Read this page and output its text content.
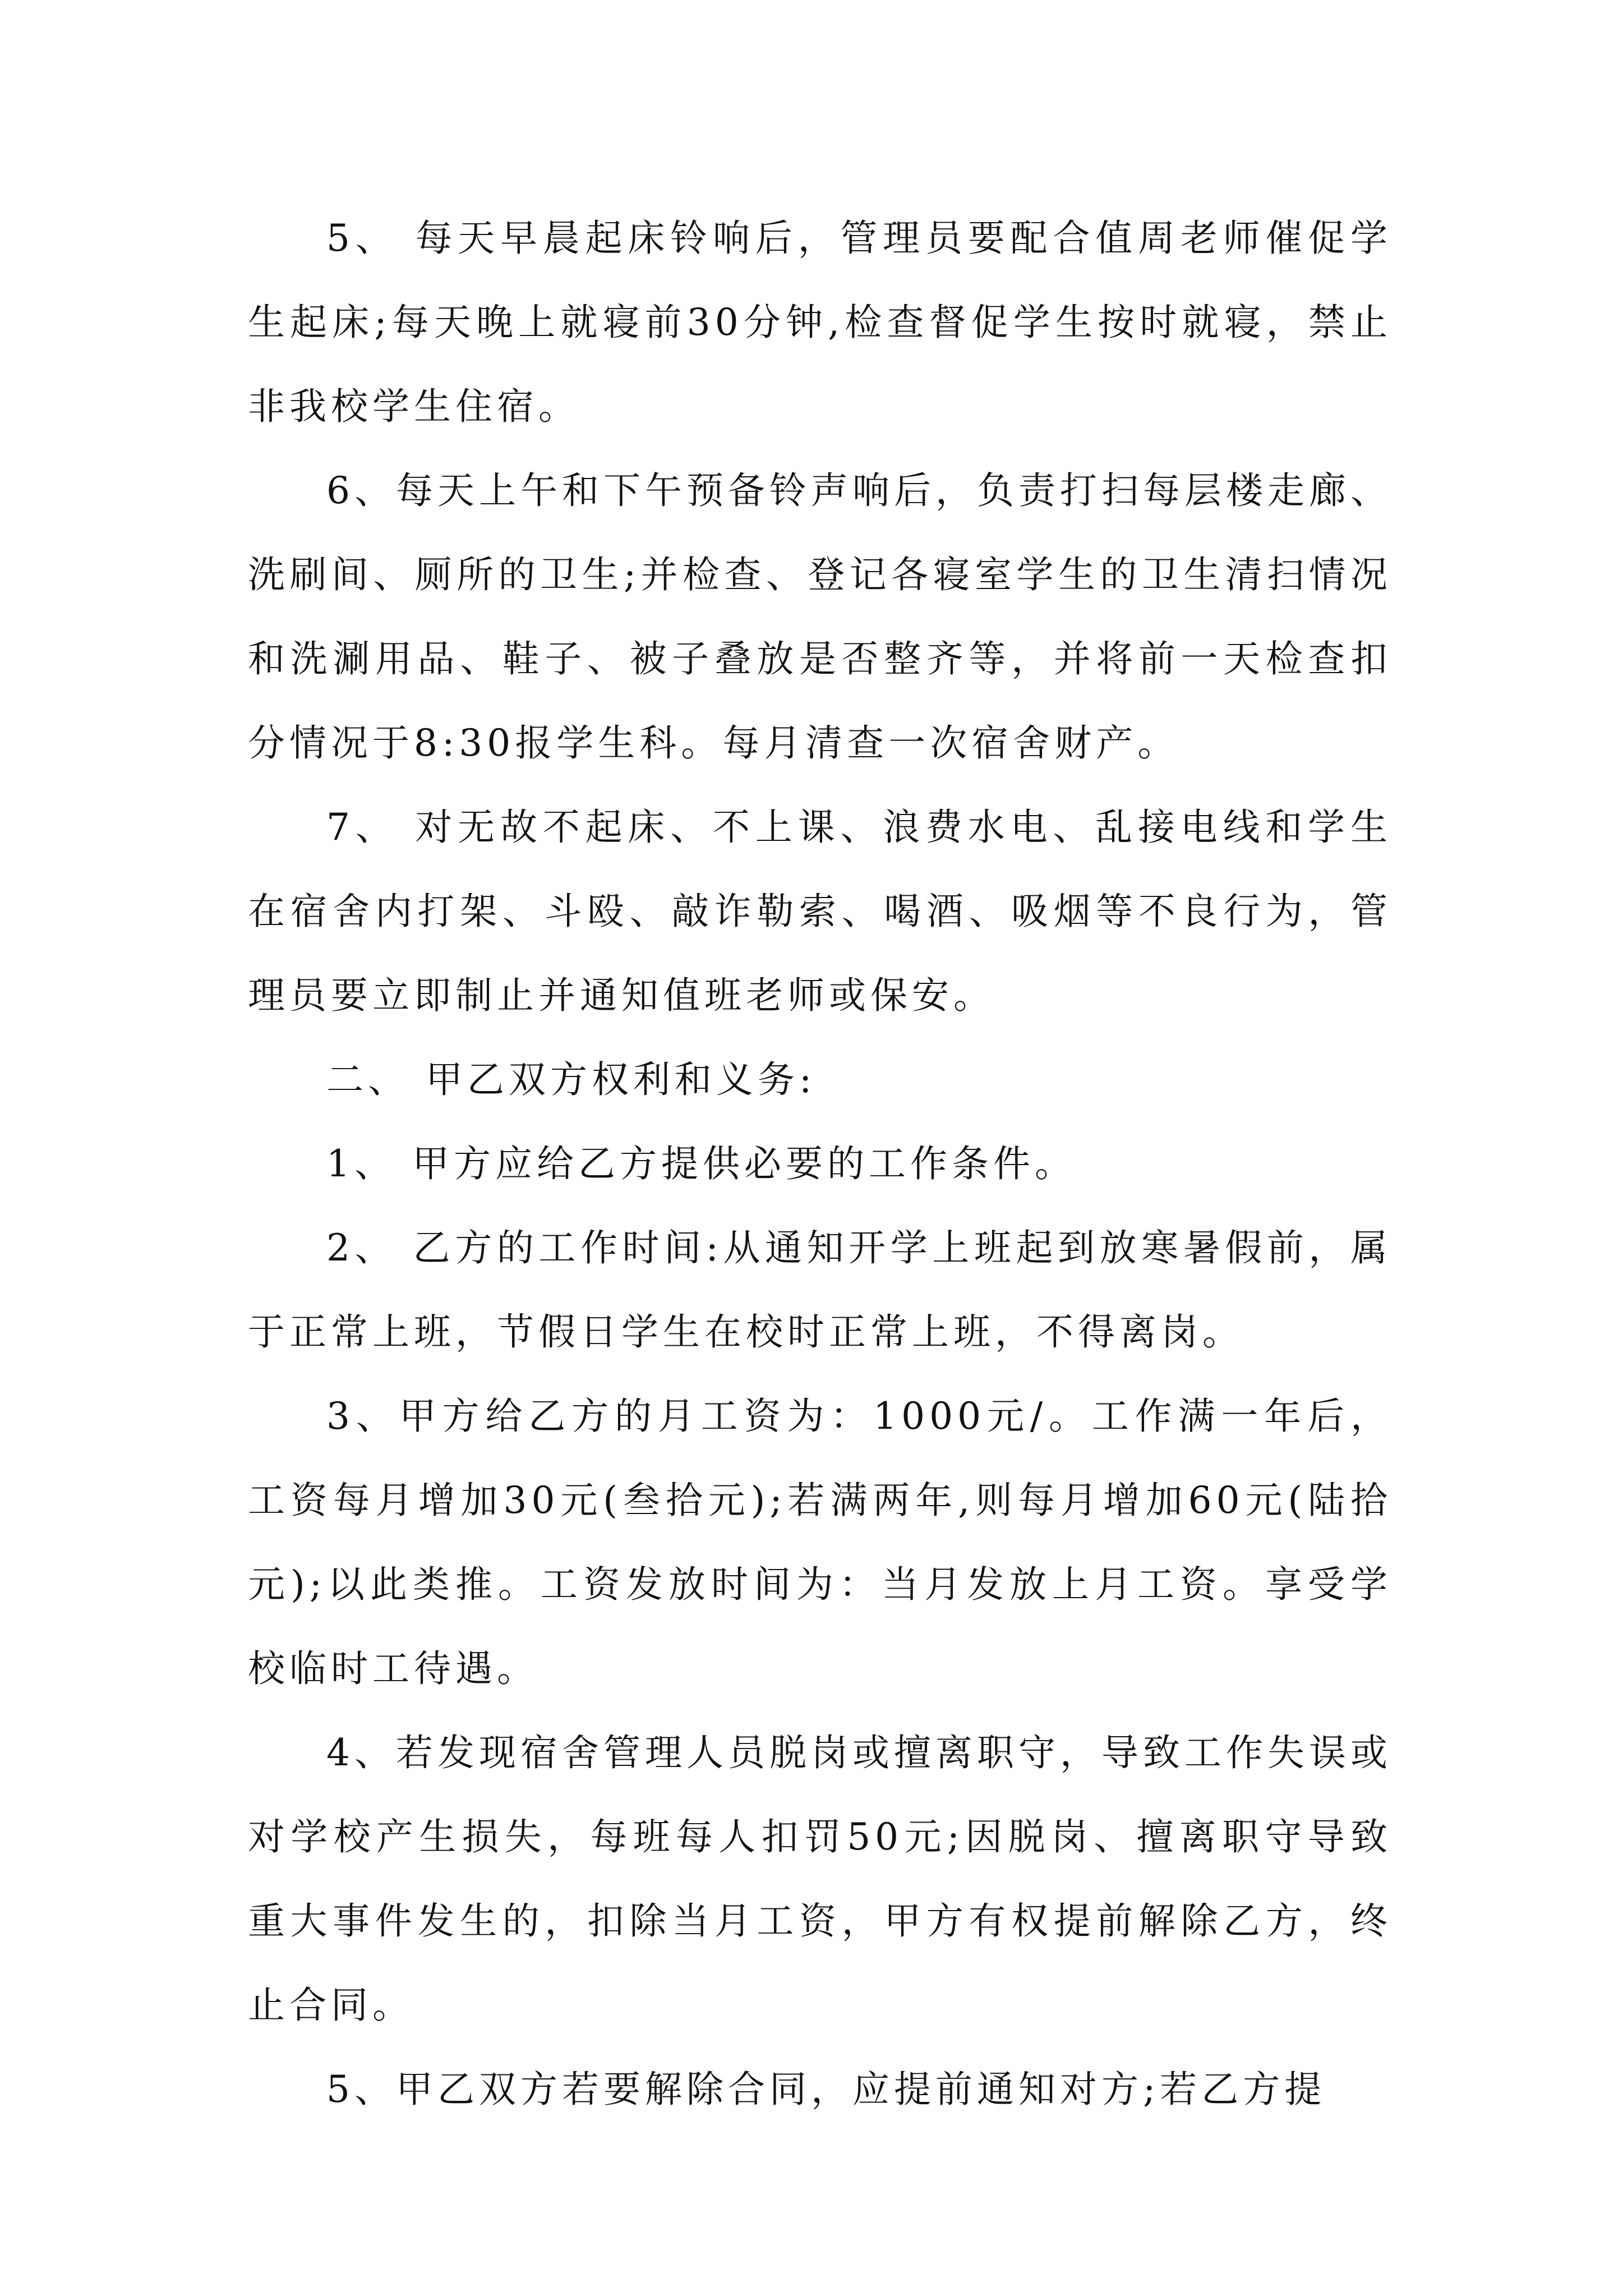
5、 每天早晨起床铃响后，管理员要配合值周老师催促学生起床;每天晚上就寝前30分钟,检查督促学生按时就寝，禁止非我校学生住宿。

6、每天上午和下午预备铃声响后，负责打扫每层楼走廊、洗刷间、厕所的卫生;并检查、登记各寝室学生的卫生清扫情况和洗涮用品、鞋子、被子叠放是否整齐等，并将前一天检查扣分情况于8:30报学生科。每月清查一次宿舍财产。

7、 对无故不起床、不上课、浪费水电、乱接电线和学生在宿舍内打架、斗殴、敲诈勒索、喝酒、吸烟等不良行为，管理员要立即制止并通知值班老师或保安。

二、 甲乙双方权利和义务:

1、 甲方应给乙方提供必要的工作条件。

2、 乙方的工作时间:从通知开学上班起到放寒暑假前，属于正常上班，节假日学生在校时正常上班，不得离岗。

3、甲方给乙方的月工资为：1000元/。工作满一年后，工资每月增加30元(叁拾元);若满两年,则每月增加60元(陆拾元);以此类推。工资发放时间为：当月发放上月工资。享受学校临时工待遇。

4、若发现宿舍管理人员脱岗或擅离职守，导致工作失误或对学校产生损失，每班每人扣罚50元;因脱岗、擅离职守导致重大事件发生的，扣除当月工资，甲方有权提前解除乙方，终止合同。

5、甲乙双方若要解除合同，应提前通知对方;若乙方提
